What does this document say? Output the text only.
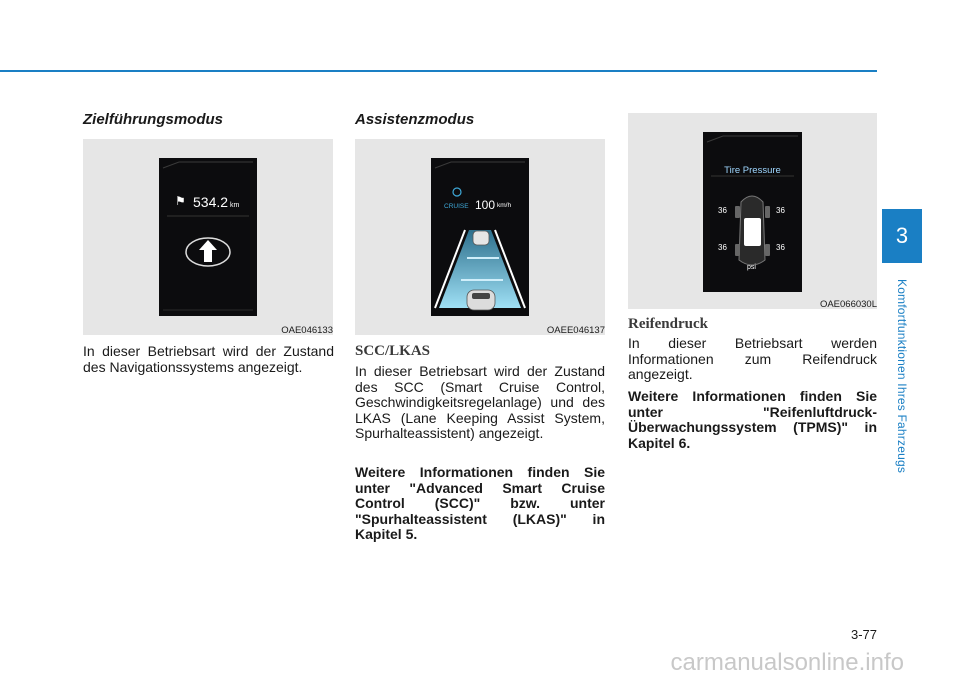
Zielführungsmodus
⚑ 534.2 km
OAE046133

In dieser Betriebsart wird der Zustand des Navigationssystems angezeigt.

Assistenzmodus
CRUISE 100 km/h
OAEE046137
SCC/LKAS

In dieser Betriebsart wird der Zustand des SCC (Smart Cruise Control, Geschwindigkeitsregelanlage) und des LKAS (Lane Keeping Assist System, Spurhalteassistent) angezeigt.

Weitere Informationen finden Sie unter "Advanced Smart Cruise Control (SCC)" bzw. unter "Spurhalteassistent (LKAS)" in Kapitel 5.

Tire Pressure
36	36
36	36
psi
OAE066030L
Reifendruck

In dieser Betriebsart werden Informationen zum Reifendruck angezeigt.

Weitere Informationen finden Sie unter "Reifenluftdruck-Überwachungssystem (TPMS)" in Kapitel 6.

3
Komfortfunktionen Ihres Fahrzeugs
3-77
carmanualsonline.info
